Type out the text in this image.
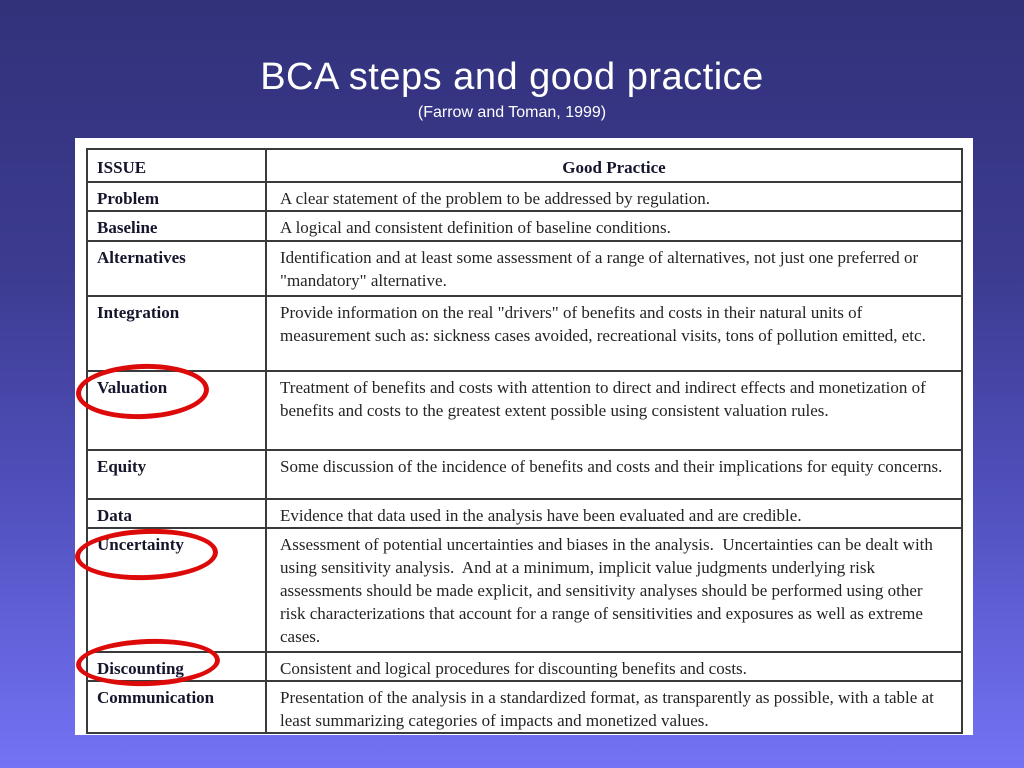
BCA steps and good practice
(Farrow and Toman, 1999)
ISSUE	Good Practice
Problem	A clear statement of the problem to be addressed by regulation.
Baseline	A logical and consistent definition of baseline conditions.
Alternatives	Identification and at least some assessment of a range of alternatives, not just one preferred or "mandatory" alternative.
Integration	Provide information on the real "drivers" of benefits and costs in their natural units of measurement such as: sickness cases avoided, recreational visits, tons of pollution emitted, etc.
Valuation	Treatment of benefits and costs with attention to direct and indirect effects and monetization of benefits and costs to the greatest extent possible using consistent valuation rules.
Equity	Some discussion of the incidence of benefits and costs and their implications for equity concerns.
Data	Evidence that data used in the analysis have been evaluated and are credible.
Uncertainty	Assessment of potential uncertainties and biases in the analysis.  Uncertainties can be dealt with using sensitivity analysis.  And at a minimum, implicit value judgments underlying risk assessments should be made explicit, and sensitivity analyses should be performed using other risk characterizations that account for a range of sensitivities and exposures as well as extreme cases.
Discounting	Consistent and logical procedures for discounting benefits and costs.
Communication	Presentation of the analysis in a standardized format, as transparently as possible, with a table at least summarizing categories of impacts and monetized values.
